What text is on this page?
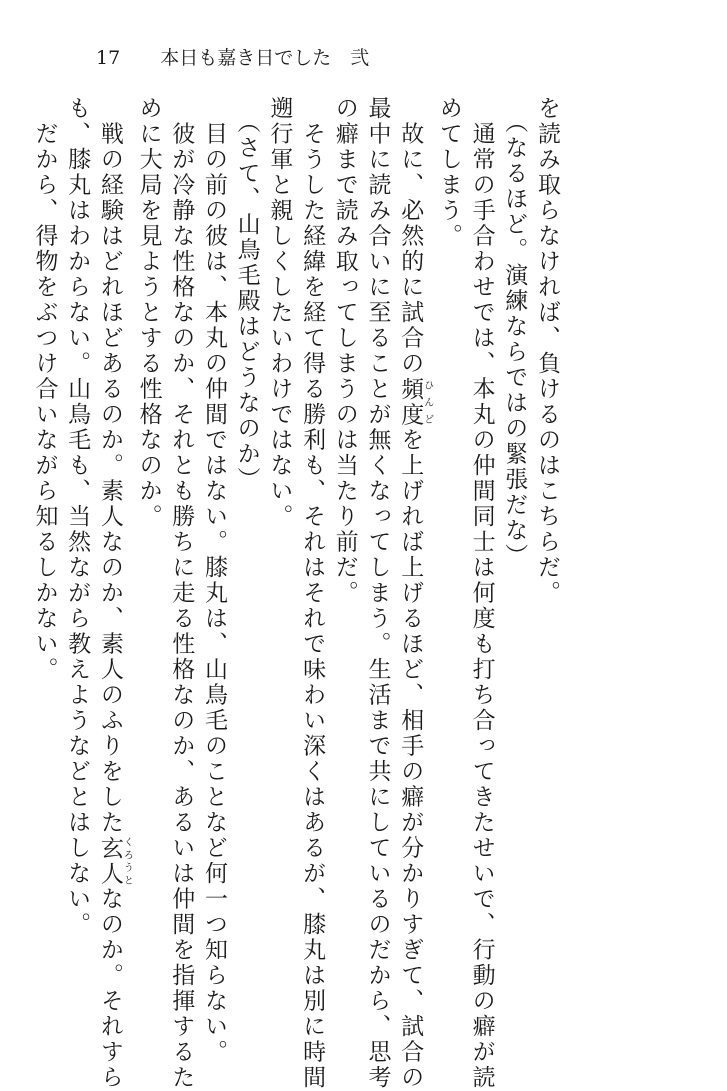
17 本日も嘉き日でした　弐

を読み取らなければ、負けるのはこちらだ。

　（なるほど。演練ならではの緊張だな）

　通常の手合わせでは、本丸の仲間同士は何度も打ち合ってきたせいで、行動の癖が読

めてしまう。

　故に、必然的に試合の頻度ひんどを上げれば上げるほど、相手の癖が分かりすぎて、試合の

最中に読み合いに至ることが無くなってしまう。生活まで共にしているのだから、思考

の癖まで読み取ってしまうのは当たり前だ。

　そうした経緯を経て得る勝利も、それはそれで味わい深くはあるが、膝丸は別に時間

遡行軍と親しくしたいわけではない。

　（さて、山鳥毛殿はどうなのか）

　目の前の彼は、本丸の仲間ではない。膝丸は、山鳥毛のことなど何一つ知らない。

　彼が冷静な性格なのか、それとも勝ちに走る性格なのか、あるいは仲間を指揮するた

めに大局を見ようとする性格なのか。

　戦の経験はどれほどあるのか。素人なのか、素人のふりをした玄人くろうとなのか。それすら

も、膝丸はわからない。山鳥毛も、当然ながら教えようなどとはしない。

　だから、得物をぶつけ合いながら知るしかない。
